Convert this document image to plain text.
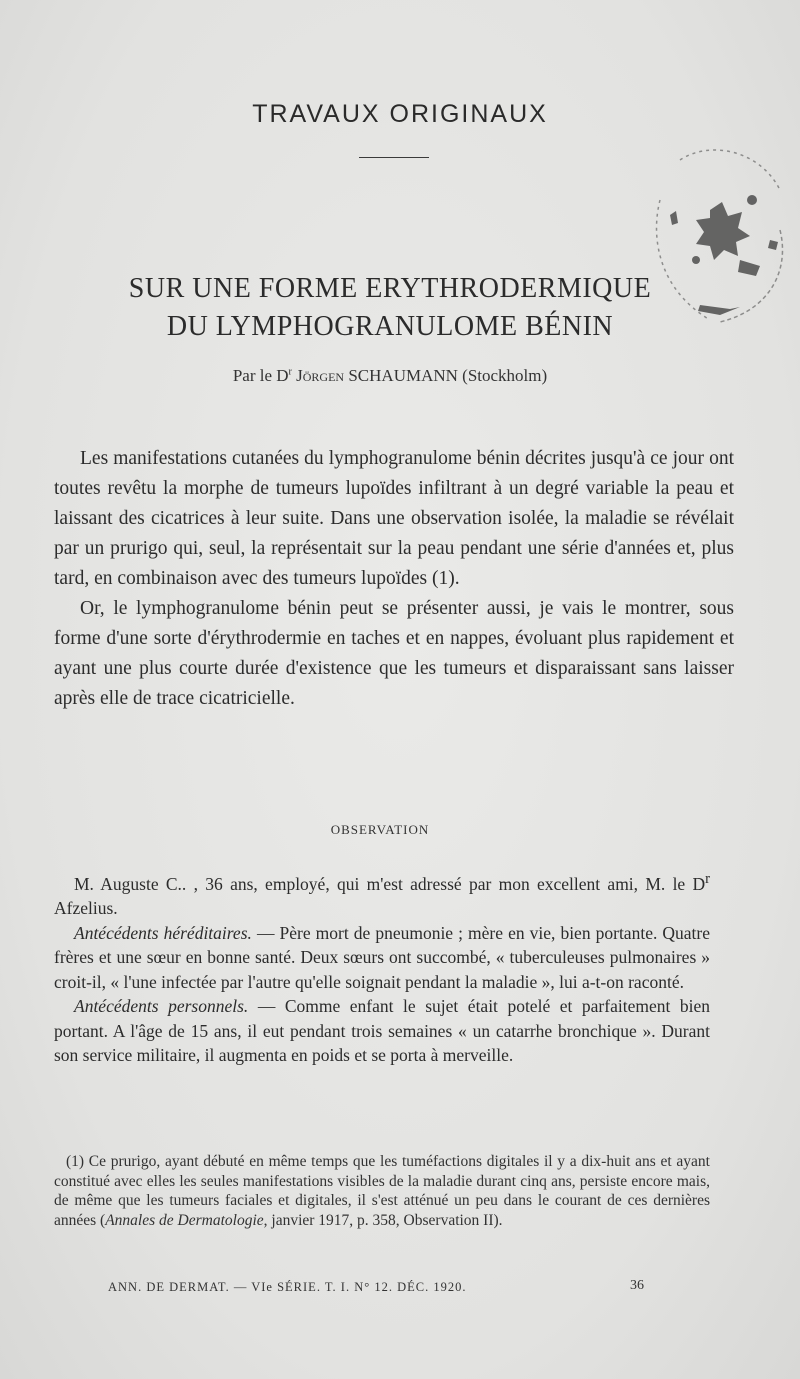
TRAVAUX ORIGINAUX
SUR UNE FORME ERYTHRODERMIQUE
DU LYMPHOGRANULOME BÉNIN
Par le $D^r$ Jörgen SCHAUMANN (Stockholm)

Les manifestations cutanées du lymphogranulome bénin décrites jusqu'à ce jour ont toutes revêtu la morphe de tumeurs lupoïdes infiltrant à un degré variable la peau et laissant des cicatrices à leur suite. Dans une observation isolée, la maladie se révélait par un prurigo qui, seul, la représentait sur la peau pendant une série d'années et, plus tard, en combinaison avec des tumeurs lupoïdes (1).

Or, le lymphogranulome bénin peut se présenter aussi, je vais le montrer, sous forme d'une sorte d'érythrodermie en taches et en nappes, évoluant plus rapidement et ayant une plus courte durée d'existence que les tumeurs et disparaissant sans laisser après elle de trace cicatricielle.

OBSERVATION

M. Auguste C.. , 36 ans, employé, qui m'est adressé par mon excellent ami, M. le $D^r$ Afzelius.

Antécédents héréditaires. — Père mort de pneumonie ; mère en vie, bien portante. Quatre frères et une sœur en bonne santé. Deux sœurs ont succombé, « tuberculeuses pulmonaires » croit-il, « l'une infectée par l'autre qu'elle soignait pendant la maladie », lui a-t-on raconté.

Antécédents personnels. — Comme enfant le sujet était potelé et parfaitement bien portant. A l'âge de 15 ans, il eut pendant trois semaines « un catarrhe bronchique ». Durant son service militaire, il augmenta en poids et se porta à merveille.

(1) Ce prurigo, ayant débuté en même temps que les tuméfactions digitales il y a dix-huit ans et ayant constitué avec elles les seules manifestations visibles de la maladie durant cinq ans, persiste encore mais, de même que les tumeurs faciales et digitales, il s'est atténué un peu dans le courant de ces dernières années (Annales de Dermatologie, janvier 1917, p. 358, Observation II).

ANN. DE DERMAT. — VIe SÉRIE. T. I. N° 12. DÉC. 1920.	36
